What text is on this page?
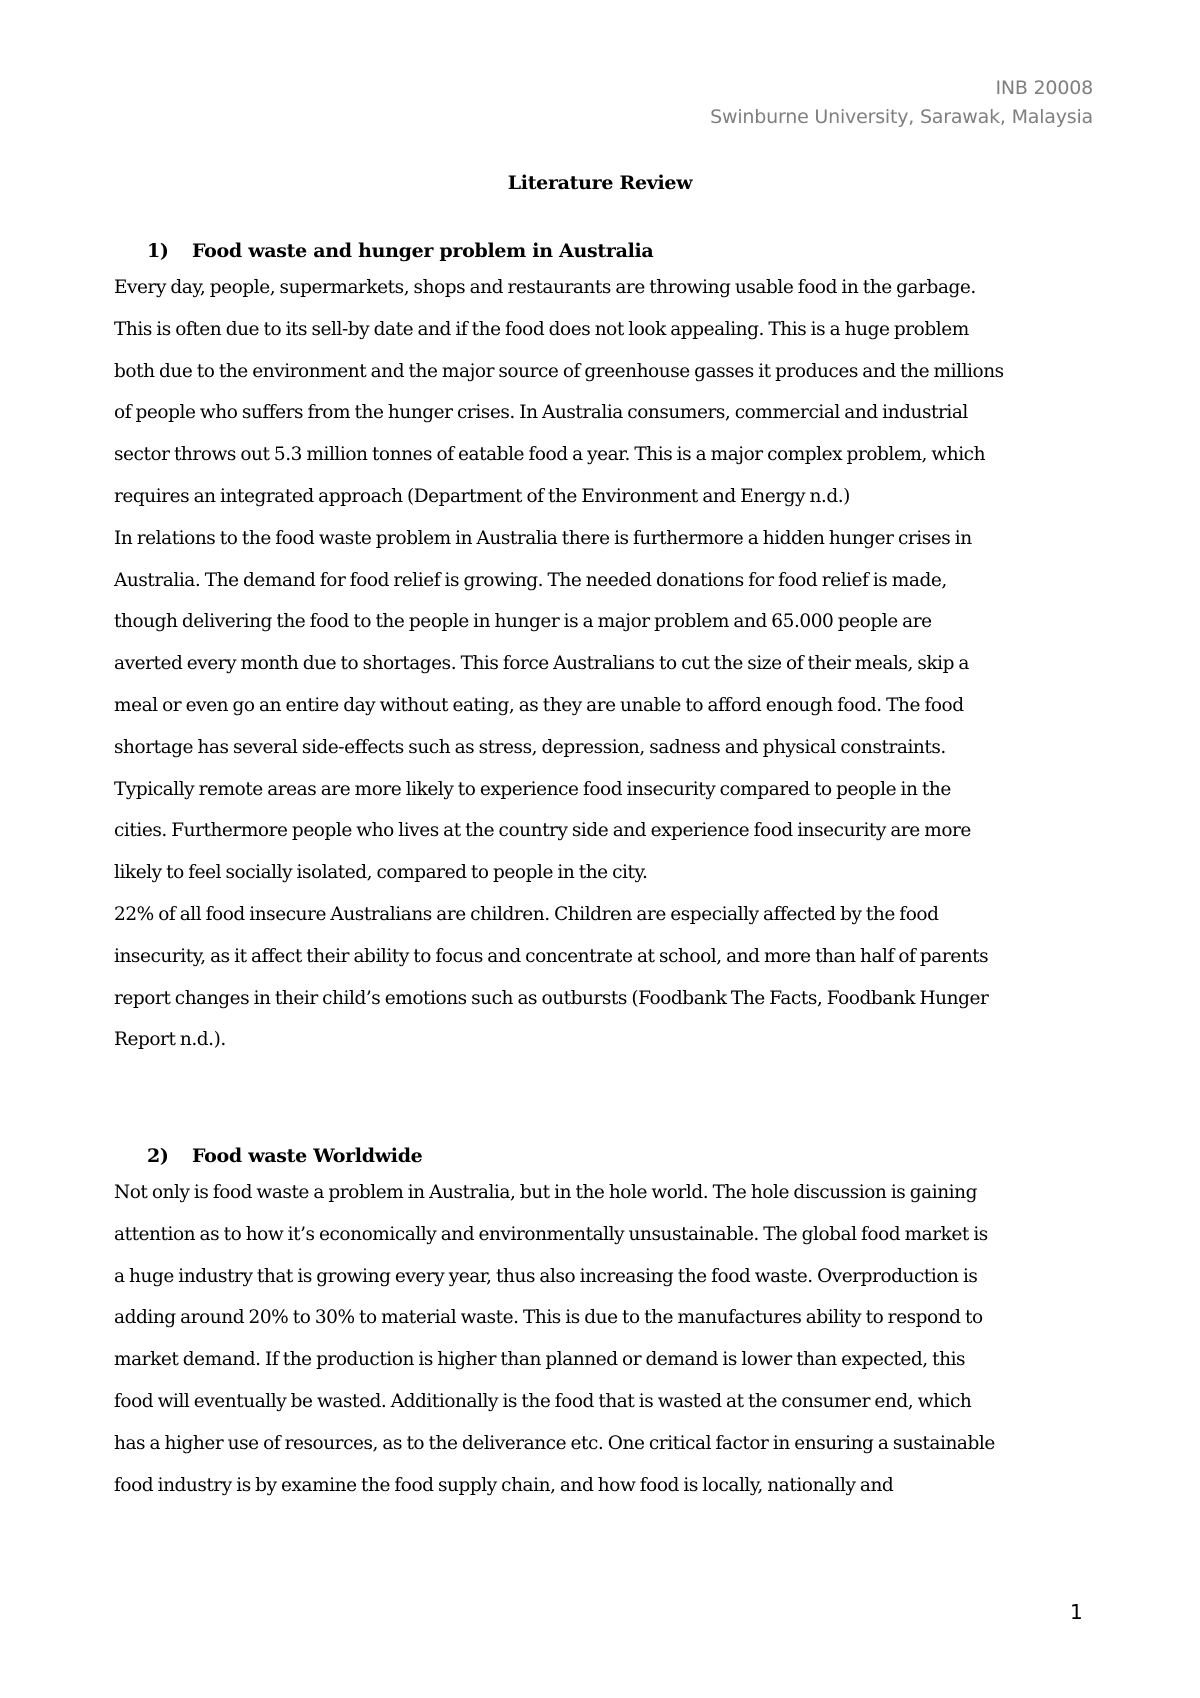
INB 20008
Swinburne University, Sarawak, Malaysia
Literature Review
1) Food waste and hunger problem in Australia
Every day, people, supermarkets, shops and restaurants are throwing usable food in the garbage.
This is often due to its sell-by date and if the food does not look appealing. This is a huge problem
both due to the environment and the major source of greenhouse gasses it produces and the millions
of people who suffers from the hunger crises. In Australia consumers, commercial and industrial
sector throws out 5.3 million tonnes of eatable food a year. This is a major complex problem, which
requires an integrated approach (Department of the Environment and Energy n.d.)
In relations to the food waste problem in Australia there is furthermore a hidden hunger crises in
Australia. The demand for food relief is growing. The needed donations for food relief is made,
though delivering the food to the people in hunger is a major problem and 65.000 people are
averted every month due to shortages. This force Australians to cut the size of their meals, skip a
meal or even go an entire day without eating, as they are unable to afford enough food. The food
shortage has several side-effects such as stress, depression, sadness and physical constraints.
Typically remote areas are more likely to experience food insecurity compared to people in the
cities. Furthermore people who lives at the country side and experience food insecurity are more
likely to feel socially isolated, compared to people in the city.
22% of all food insecure Australians are children. Children are especially affected by the food
insecurity, as it affect their ability to focus and concentrate at school, and more than half of parents
report changes in their child’s emotions such as outbursts (Foodbank The Facts, Foodbank Hunger
Report n.d.).
2) Food waste Worldwide
Not only is food waste a problem in Australia, but in the hole world. The hole discussion is gaining
attention as to how it’s economically and environmentally unsustainable. The global food market is
a huge industry that is growing every year, thus also increasing the food waste. Overproduction is
adding around 20% to 30% to material waste. This is due to the manufactures ability to respond to
market demand. If the production is higher than planned or demand is lower than expected, this
food will eventually be wasted. Additionally is the food that is wasted at the consumer end, which
has a higher use of resources, as to the deliverance etc. One critical factor in ensuring a sustainable
food industry is by examine the food supply chain, and how food is locally, nationally and
1
